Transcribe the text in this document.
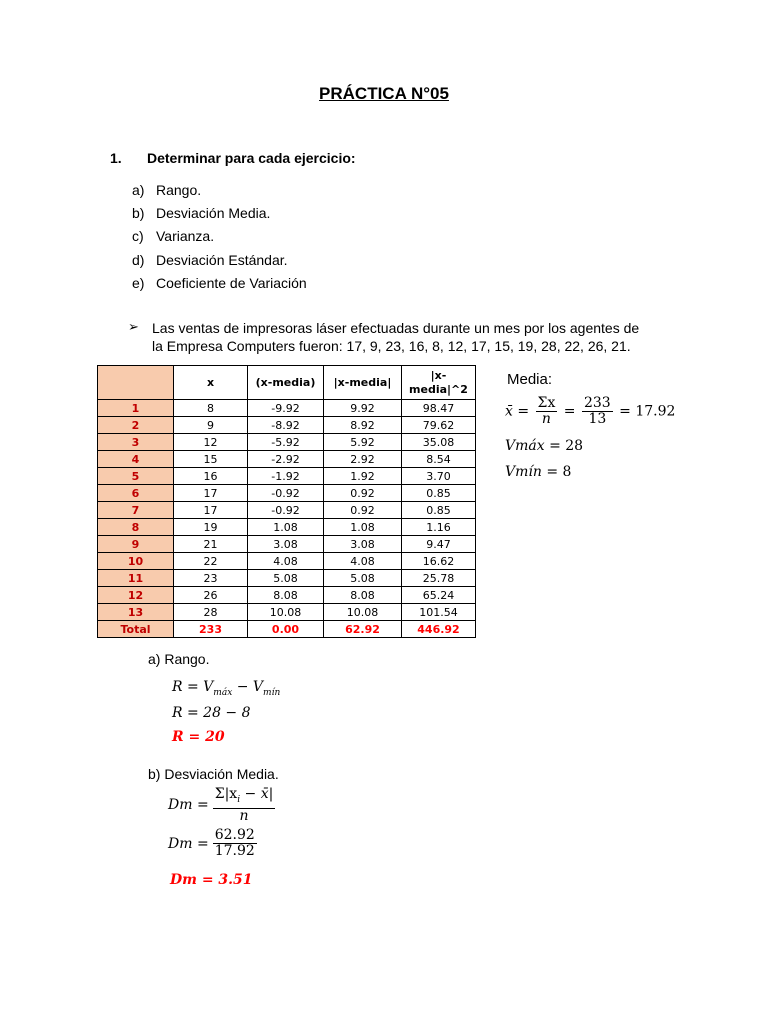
PRÁCTICA N°05
1. Determinar para cada ejercicio:
a) Rango.
b) Desviación Media.
c) Varianza.
d) Desviación Estándar.
e) Coeficiente de Variación
➢ Las ventas de impresoras láser efectuadas durante un mes por los agentes de
la Empresa Computers fueron: 17, 9, 23, 16, 8, 12, 17, 15, 19, 28, 22, 26, 21.
	x	(x-media)	|x-media|	|x-
media|^2
1	8	-9.92	9.92	98.47
2	9	-8.92	8.92	79.62
3	12	-5.92	5.92	35.08
4	15	-2.92	2.92	8.54
5	16	-1.92	1.92	3.70
6	17	-0.92	0.92	0.85
7	17	-0.92	0.92	0.85
8	19	1.08	1.08	1.16
9	21	3.08	3.08	9.47
10	22	4.08	4.08	16.62
11	23	5.08	5.08	25.78
12	26	8.08	8.08	65.24
13	28	10.08	10.08	101.54
Total	233	0.00	62.92	446.92
Media:
x̄ = $\frac{\Sigma x}{n} = \frac{233}{13} = 17.92$
Vmáx = 28
Vmín = 8
a) Rango.
$R = V_{máx} - V_{mín}$
R = 28 − 8
R = 20
b) Desviación Media.
$Dm = \frac{\Sigma|x_i - x̄|}{n}$
$Dm = \frac{62.92}{17.92}$
Dm = 3.51
